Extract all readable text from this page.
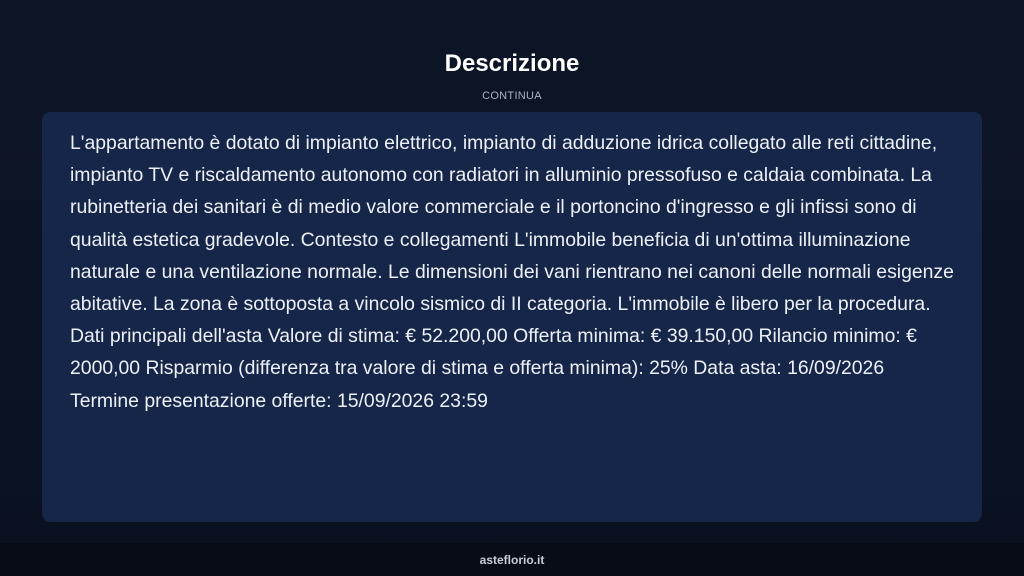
Descrizione
CONTINUA

L'appartamento è dotato di impianto elettrico, impianto di adduzione idrica collegato alle reti cittadine, impianto TV e riscaldamento autonomo con radiatori in alluminio pressofuso e caldaia combinata. La rubinetteria dei sanitari è di medio valore commerciale e il portoncino d'ingresso e gli infissi sono di qualità estetica gradevole. Contesto e collegamenti L'immobile beneficia di un'ottima illuminazione naturale e una ventilazione normale. Le dimensioni dei vani rientrano nei canoni delle normali esigenze abitative. La zona è sottoposta a vincolo sismico di II categoria. L'immobile è libero per la procedura. Dati principali dell'asta Valore di stima: € 52.200,00 Offerta minima: € 39.150,00 Rilancio minimo: € 2000,00 Risparmio (differenza tra valore di stima e offerta minima): 25% Data asta: 16/09/2026 Termine presentazione offerte: 15/09/2026 23:59

asteflorio.it
